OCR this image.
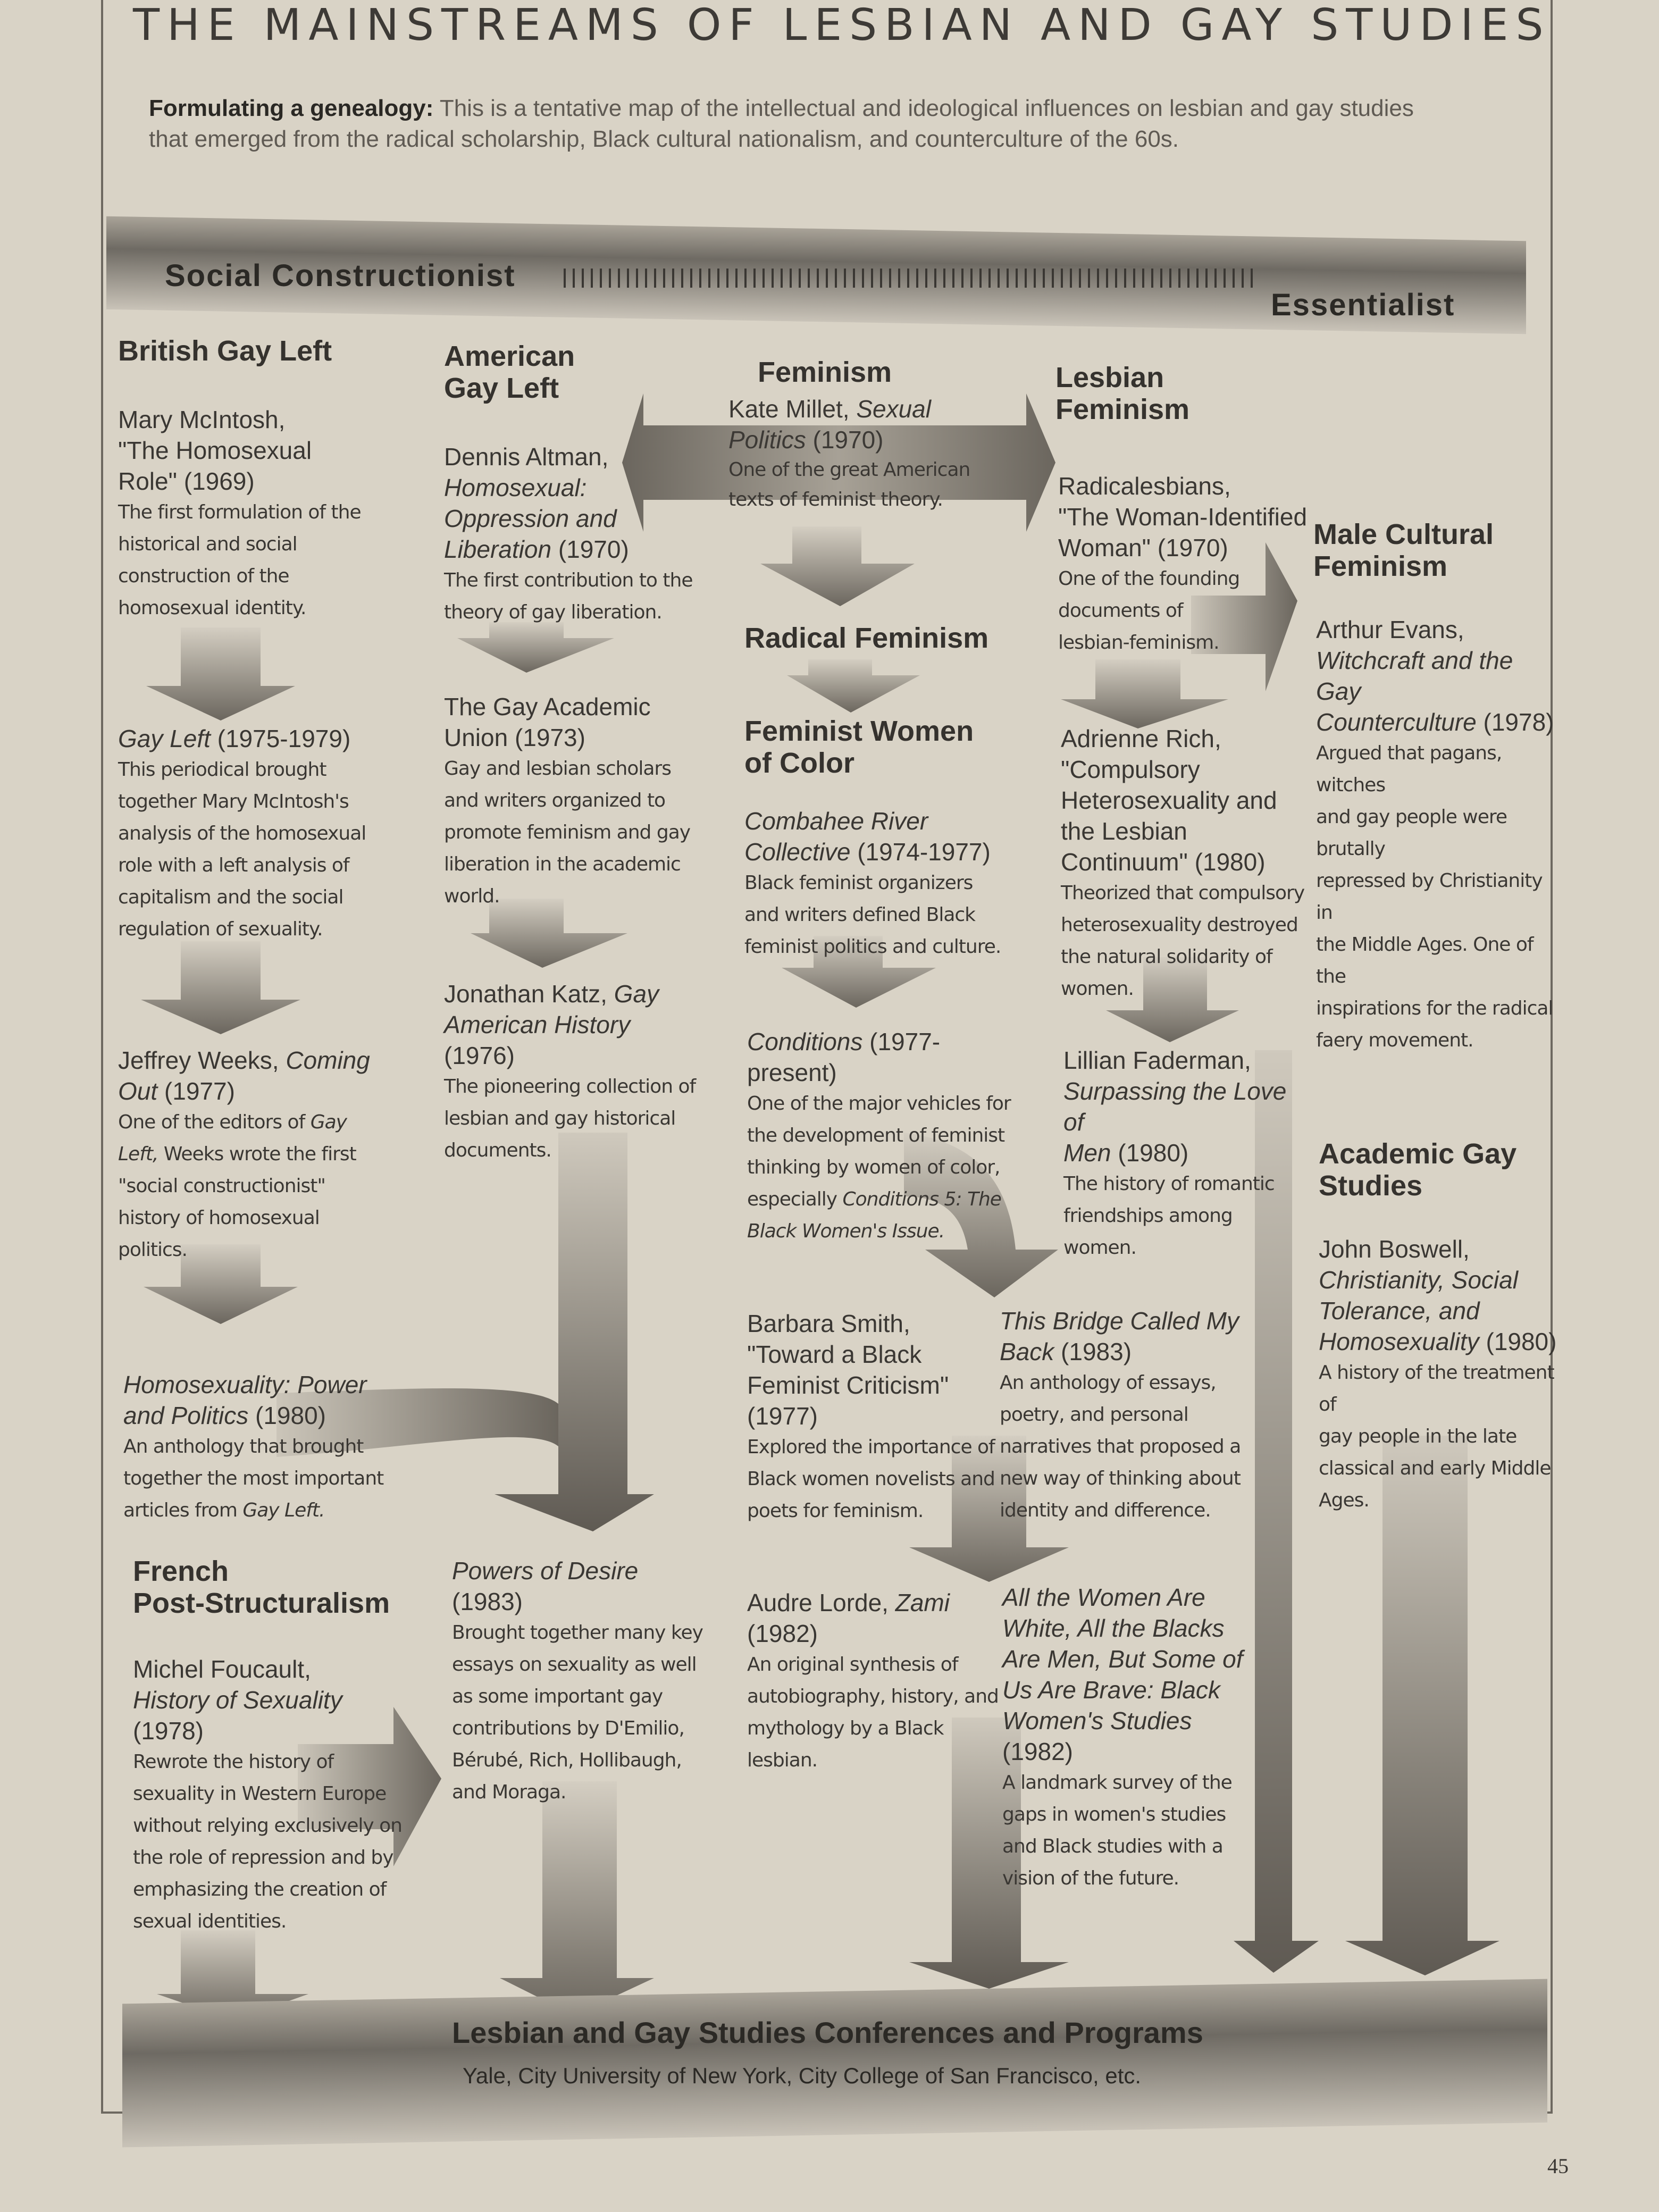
THE MAINSTREAMS OF LESBIAN AND GAY STUDIES
Formulating a genealogy: This is a tentative map of the intellectual and ideological influences on lesbian and gay studies
that emerged from the radical scholarship, Black cultural nationalism, and counterculture of the 60s.
Social Constructionist
Essentialist
British Gay Left
Mary McIntosh,
"The Homosexual
Role" (1969)
The first formulation of the
historical and social
construction of the
homosexual identity.
Gay Left (1975-1979)
This periodical brought
together Mary McIntosh's
analysis of the homosexual
role with a left analysis of
capitalism and the social
regulation of sexuality.
Jeffrey Weeks, Coming
Out (1977)
One of the editors of Gay
Left, Weeks wrote the first
"social constructionist"
history of homosexual
politics.
Homosexuality: Power
and Politics (1980)
An anthology that brought
together the most important
articles from Gay Left.
French
Post-Structuralism
Michel Foucault,
History of Sexuality
(1978)
Rewrote the history of
sexuality in Western Europe
without relying exclusively on
the role of repression and by
emphasizing the creation of
sexual identities.
American
Gay Left
Dennis Altman,
Homosexual:
Oppression and
Liberation (1970)
The first contribution to the
theory of gay liberation.
The Gay Academic
Union (1973)
Gay and lesbian scholars
and writers organized to
promote feminism and gay
liberation in the academic
world.
Jonathan Katz, Gay
American History
(1976)
The pioneering collection of
lesbian and gay historical
documents.
Powers of Desire
(1983)
Brought together many key
essays on sexuality as well
as some important gay
contributions by D'Emilio,
Bérubé, Rich, Hollibaugh,
and Moraga.
Feminism
Kate Millet, Sexual
Politics (1970)
One of the great American
texts of feminist theory.
Radical Feminism
Feminist Women
of Color
Combahee River
Collective (1974-1977)
Black feminist organizers
and writers defined Black
feminist politics and culture.
Conditions (1977-
present)
One of the major vehicles for
the development of feminist
thinking by women of color,
especially Conditions 5: The
Black Women's Issue.
Barbara Smith,
"Toward a Black
Feminist Criticism"
(1977)
Explored the importance of
Black women novelists and
poets for feminism.
Audre Lorde, Zami
(1982)
An original synthesis of
autobiography, history, and
mythology by a Black
lesbian.
Lesbian
Feminism
Radicalesbians,
"The Woman-Identified
Woman" (1970)
One of the founding
documents of
lesbian-feminism.
Adrienne Rich,
"Compulsory
Heterosexuality and
the Lesbian
Continuum" (1980)
Theorized that compulsory
heterosexuality destroyed
the natural solidarity of
women.
Lillian Faderman,
Surpassing the Love of
Men (1980)
The history of romantic
friendships among women.
This Bridge Called My
Back (1983)
An anthology of essays,
poetry, and personal
narratives that proposed a
new way of thinking about
identity and difference.
All the Women Are
White, All the Blacks
Are Men, But Some of
Us Are Brave: Black
Women's Studies
(1982)
A landmark survey of the
gaps in women's studies
and Black studies with a
vision of the future.
Male Cultural
Feminism
Arthur Evans,
Witchcraft and the Gay
Counterculture (1978)
Argued that pagans, witches
and gay people were brutally
repressed by Christianity in
the Middle Ages. One of the
inspirations for the radical
faery movement.
Academic Gay
Studies
John Boswell,
Christianity, Social
Tolerance, and
Homosexuality (1980)
A history of the treatment of
gay people in the late
classical and early Middle
Ages.
Lesbian and Gay Studies Conferences and Programs
Yale, City University of New York, City College of San Francisco, etc.
45
